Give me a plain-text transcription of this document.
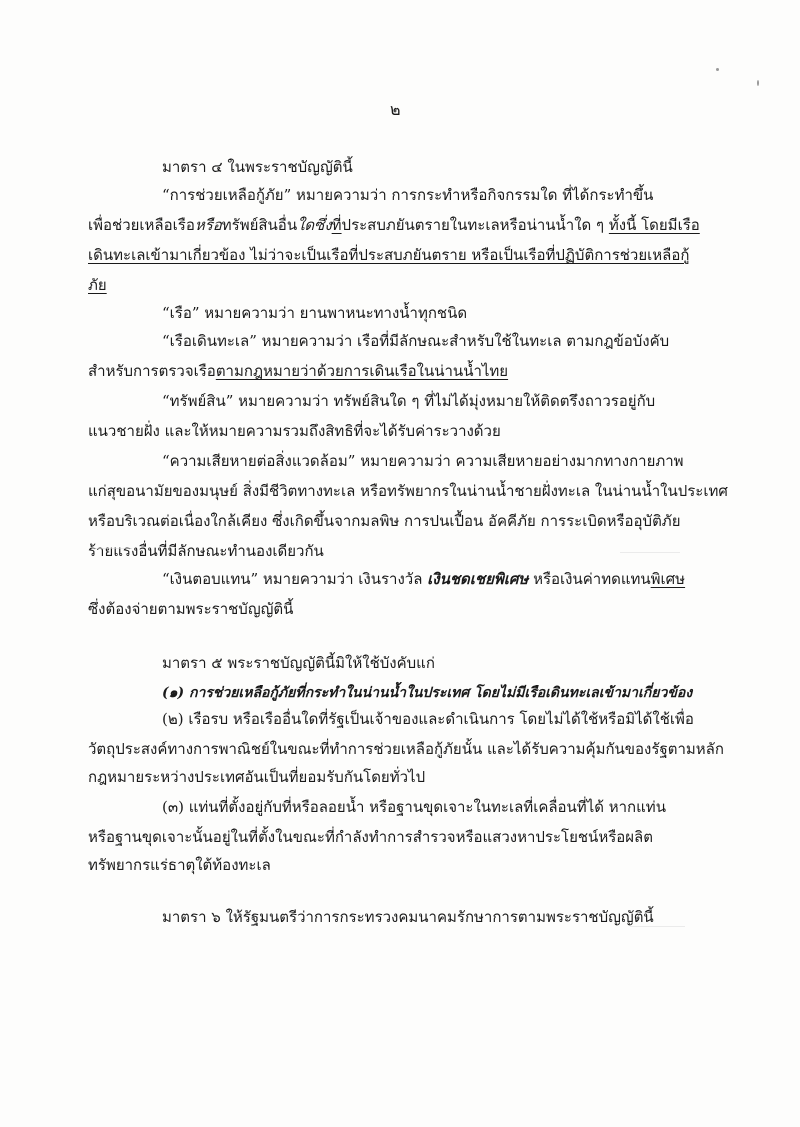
๒
มาตรา ๔ ในพระราชบัญญัตินี้
“การช่วยเหลือกู้ภัย” หมายความว่า การกระทำหรือกิจกรรมใด ที่ได้กระทำขึ้น
เพื่อช่วยเหลือเรือหรือทรัพย์สินอื่นใดซึ่งที่ประสบภยันตรายในทะเลหรือน่านน้ำใด ๆ ทั้งนี้ โดยมีเรือ
เดินทะเลเข้ามาเกี่ยวข้อง ไม่ว่าจะเป็นเรือที่ประสบภยันตราย หรือเป็นเรือที่ปฏิบัติการช่วยเหลือกู้
ภัย
“เรือ” หมายความว่า ยานพาหนะทางน้ำทุกชนิด
“เรือเดินทะเล” หมายความว่า เรือที่มีลักษณะสำหรับใช้ในทะเล ตามกฎข้อบังคับ
สำหรับการตรวจเรือตามกฎหมายว่าด้วยการเดินเรือในน่านน้ำไทย
“ทรัพย์สิน” หมายความว่า ทรัพย์สินใด ๆ ที่ไม่ได้มุ่งหมายให้ติดตรึงถาวรอยู่กับ
แนวชายฝั่ง และให้หมายความรวมถึงสิทธิที่จะได้รับค่าระวางด้วย
“ความเสียหายต่อสิ่งแวดล้อม” หมายความว่า ความเสียหายอย่างมากทางกายภาพ
แก่สุขอนามัยของมนุษย์ สิ่งมีชีวิตทางทะเล หรือทรัพยากรในน่านน้ำชายฝั่งทะเล ในน่านน้ำในประเทศ
หรือบริเวณต่อเนื่องใกล้เคียง ซึ่งเกิดขึ้นจากมลพิษ การปนเปื้อน อัคคีภัย การระเบิดหรืออุบัติภัย
ร้ายแรงอื่นที่มีลักษณะทำนองเดียวกัน
“เงินตอบแทน” หมายความว่า เงินรางวัล เงินชดเชยพิเศษ หรือเงินค่าทดแทนพิเศษ
ซึ่งต้องจ่ายตามพระราชบัญญัตินี้
มาตรา ๕ พระราชบัญญัตินี้มิให้ใช้บังคับแก่
(๑) การช่วยเหลือกู้ภัยที่กระทำในน่านน้ำในประเทศ โดยไม่มีเรือเดินทะเลเข้ามาเกี่ยวข้อง
(๒) เรือรบ หรือเรืออื่นใดที่รัฐเป็นเจ้าของและดำเนินการ โดยไม่ได้ใช้หรือมิได้ใช้เพื่อ
วัตถุประสงค์ทางการพาณิชย์ในขณะที่ทำการช่วยเหลือกู้ภัยนั้น และได้รับความคุ้มกันของรัฐตามหลัก
กฎหมายระหว่างประเทศอันเป็นที่ยอมรับกันโดยทั่วไป
(๓) แท่นที่ตั้งอยู่กับที่หรือลอยน้ำ หรือฐานขุดเจาะในทะเลที่เคลื่อนที่ได้ หากแท่น
หรือฐานขุดเจาะนั้นอยู่ในที่ตั้งในขณะที่กำลังทำการสำรวจหรือแสวงหาประโยชน์หรือผลิต
ทรัพยากรแร่ธาตุใต้ท้องทะเล
มาตรา ๖ ให้รัฐมนตรีว่าการกระทรวงคมนาคมรักษาการตามพระราชบัญญัตินี้
